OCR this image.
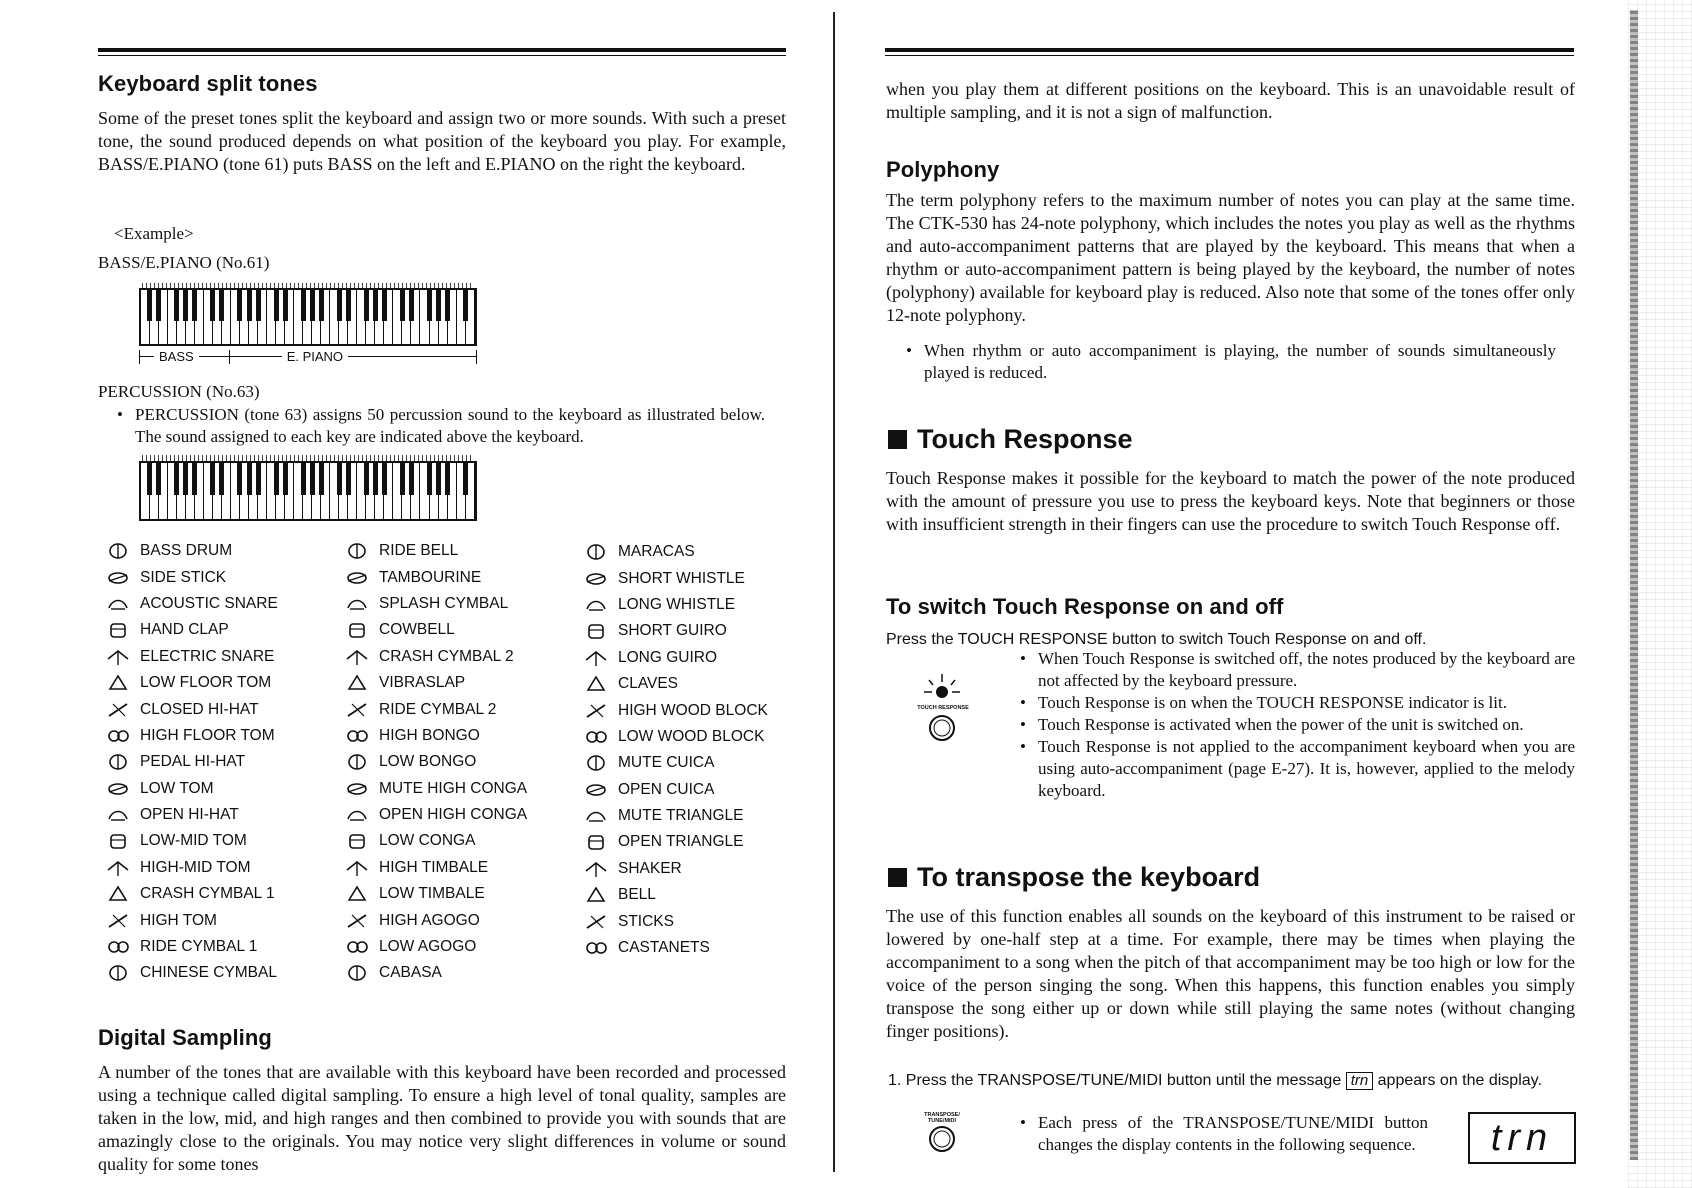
Keyboard split tones
Some of the preset tones split the keyboard and assign two or more sounds. With such a preset tone, the sound produced depends on what position of the keyboard you play. For example, BASS/E.PIANO (tone 61) puts BASS on the left and E.PIANO on the right the keyboard.
<Example>
BASS/E.PIANO (No.61)
BASS	E. PIANO
PERCUSSION (No.63)
• PERCUSSION (tone 63) assigns 50 percussion sound to the keyboard as illustrated below. The sound assigned to each key are indicated above the keyboard.
BASS DRUM
SIDE STICK
ACOUSTIC SNARE
HAND CLAP
ELECTRIC SNARE
LOW FLOOR TOM
CLOSED HI-HAT
HIGH FLOOR TOM
PEDAL HI-HAT
LOW TOM
OPEN HI-HAT
LOW-MID TOM
HIGH-MID TOM
CRASH CYMBAL 1
HIGH TOM
RIDE CYMBAL 1
CHINESE CYMBAL
RIDE BELL
TAMBOURINE
SPLASH CYMBAL
COWBELL
CRASH CYMBAL 2
VIBRASLAP
RIDE CYMBAL 2
HIGH BONGO
LOW BONGO
MUTE HIGH CONGA
OPEN HIGH CONGA
LOW CONGA
HIGH TIMBALE
LOW TIMBALE
HIGH AGOGO
LOW AGOGO
CABASA
MARACAS
SHORT WHISTLE
LONG WHISTLE
SHORT GUIRO
LONG GUIRO
CLAVES
HIGH WOOD BLOCK
LOW WOOD BLOCK
MUTE CUICA
OPEN CUICA
MUTE TRIANGLE
OPEN TRIANGLE
SHAKER
BELL
STICKS
CASTANETS
Digital Sampling
A number of the tones that are available with this keyboard have been recorded and processed using a technique called digital sampling. To ensure a high level of tonal quality, samples are taken in the low, mid, and high ranges and then combined to provide you with sounds that are amazingly close to the originals. You may notice very slight differences in volume or sound quality for some tones
when you play them at different positions on the keyboard. This is an unavoidable result of multiple sampling, and it is not a sign of malfunction.
Polyphony
The term polyphony refers to the maximum number of notes you can play at the same time. The CTK-530 has 24-note polyphony, which includes the notes you play as well as the rhythms and auto-accompaniment patterns that are played by the keyboard. This means that when a rhythm or auto-accompaniment pattern is being played by the keyboard, the number of notes (polyphony) available for keyboard play is reduced. Also note that some of the tones offer only 12-note polyphony.
• When rhythm or auto accompaniment is playing, the number of sounds simultaneously played is reduced.
Touch Response
Touch Response makes it possible for the keyboard to match the power of the note produced with the amount of pressure you use to press the keyboard keys. Note that beginners or those with insufficient strength in their fingers can use the procedure to switch Touch Response off.
To switch Touch Response on and off
Press the TOUCH RESPONSE button to switch Touch Response on and off.
TOUCH RESPONSE
• When Touch Response is switched off, the notes produced by the keyboard are not affected by the keyboard pressure.
• Touch Response is on when the TOUCH RESPONSE indicator is lit.
• Touch Response is activated when the power of the unit is switched on.
• Touch Response is not applied to the accompaniment keyboard when you are using auto-accompaniment (page E-27). It is, however, applied to the melody keyboard.
To transpose the keyboard
The use of this function enables all sounds on the keyboard of this instrument to be raised or lowered by one-half step at a time. For example, there may be times when playing the accompaniment to a song when the pitch of that accompaniment may be too high or low for the voice of the person singing the song. When this happens, this function enables you simply transpose the song either up or down while still playing the same notes (without changing finger positions).
1. Press the TRANSPOSE/TUNE/MIDI button until the message trn appears on the display.
TRANSPOSE/ TUNE/MIDI
•	Each press of the TRANSPOSE/TUNE/MIDI button changes the display contents in the following sequence.	trn
